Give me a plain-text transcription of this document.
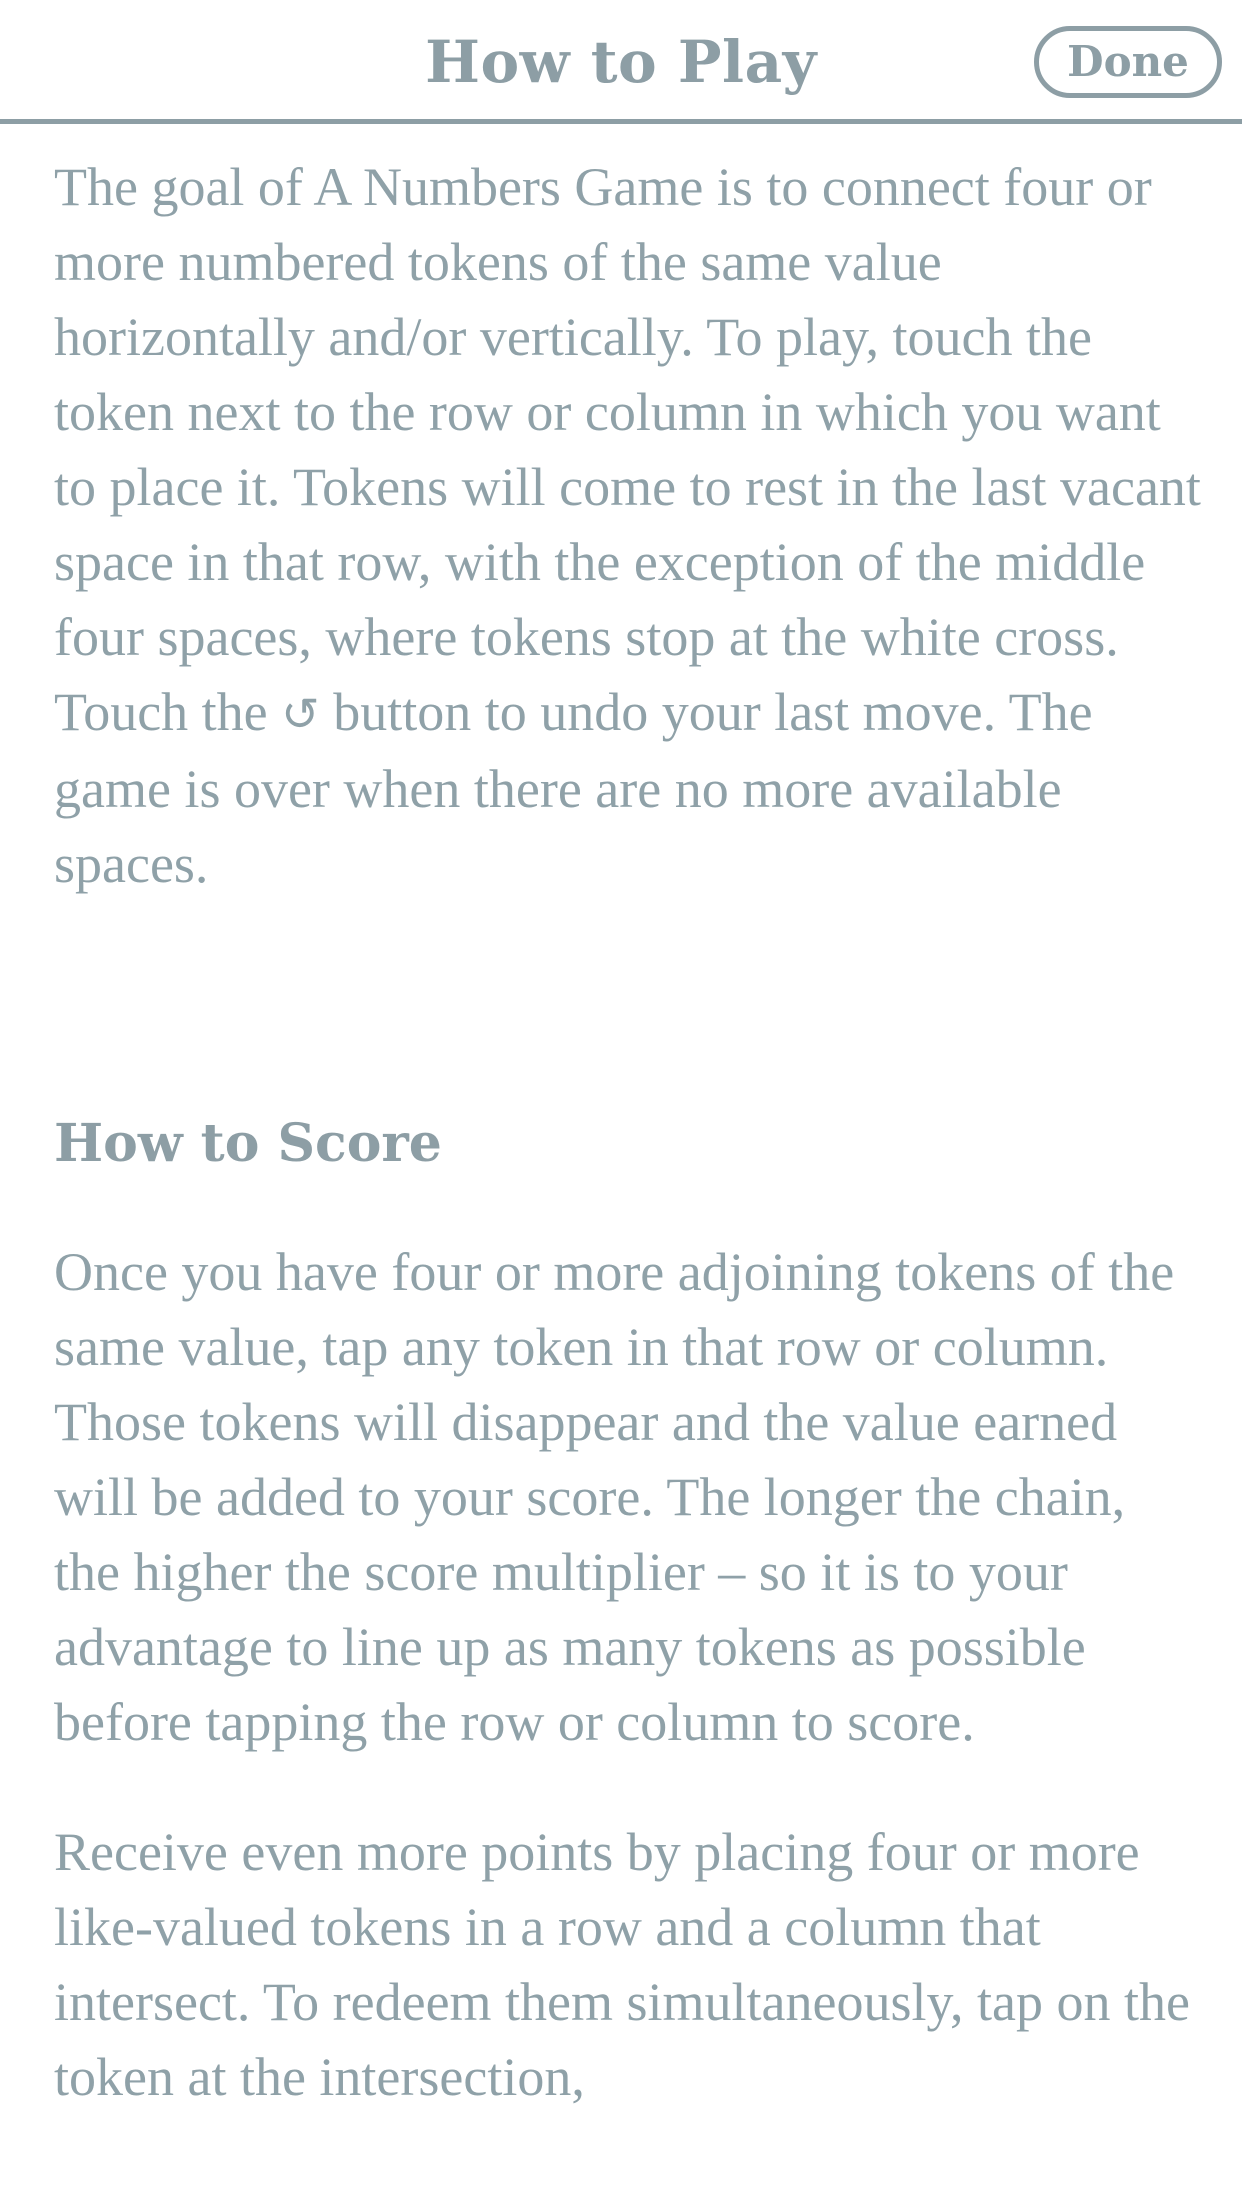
How to Play	Done

The goal of A Numbers Game is to connect four or more numbered tokens of the same value horizontally and/or vertically. To play, touch the token next to the row or column in which you want to place it. Tokens will come to rest in the last vacant space in that row, with the exception of the middle four spaces, where tokens stop at the white cross. Touch the ↺ button to undo your last move. The game is over when there are no more available spaces.

How to Score

Once you have four or more adjoining tokens of the same value, tap any token in that row or column. Those tokens will disappear and the value earned will be added to your score. The longer the chain, the higher the score multiplier – so it is to your advantage to line up as many tokens as possible before tapping the row or column to score.

Receive even more points by placing four or more like-valued tokens in a row and a column that intersect. To redeem them simultaneously, tap on the token at the intersection,
